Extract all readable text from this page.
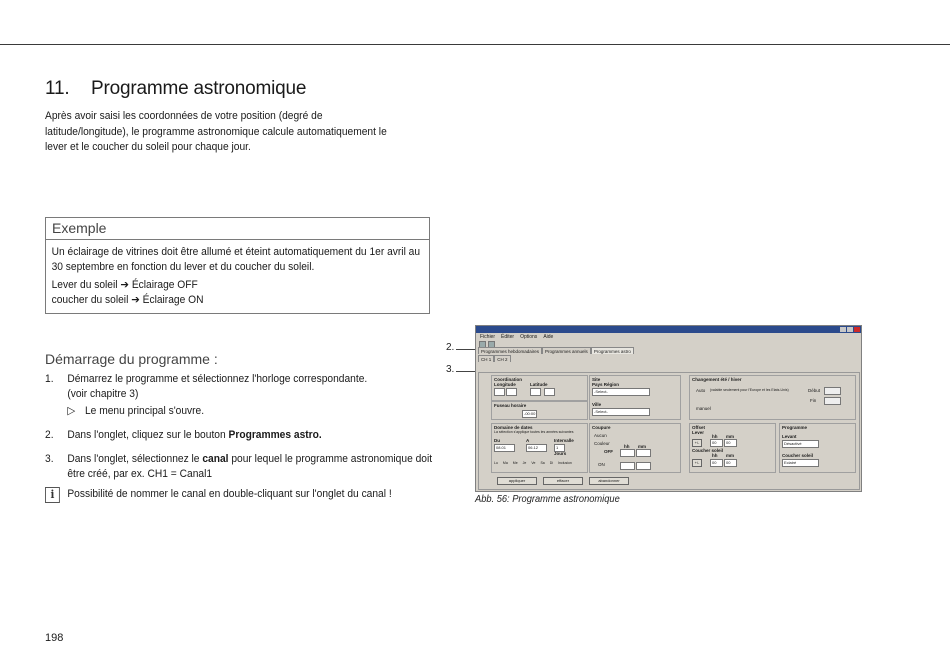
11. Programme astronomique
Après avoir saisi les coordonnées de votre position (degré de latitude/longitude), le programme astronomique calcule automatiquement le lever et le coucher du soleil pour chaque jour.
Exemple

Un éclairage de vitrines doit être allumé et éteint automatiquement du 1er avril au 30 septembre en fonction du lever et du coucher du soleil.

Lever du soleil ➔ Éclairage OFF

coucher du soleil ➔ Éclairage ON

Démarrage du programme :
1. Démarrez le programme et sélectionnez l'horloge correspondante.
(voir chapitre 3)
▷ Le menu principal s'ouvre.
2. Dans l'onglet, cliquez sur le bouton Programmes astro.
3. Dans l'onglet, sélectionnez le canal pour lequel le programme astronomique doit être créé, par ex. CH1 = Canal1
i	Possibilité de nommer le canal en double-cliquant sur l'onglet du canal !
2.
3.
Fichier Éditer Options Aide
Programmes hebdomadaires	Programmes annuels	Programmes astro
CH 1	CH 2
Coordination
Longitude	Latitude
Fuseau horaire
-00:00
Site
Pays Région
-Select-
Ville
-Select-
Changement été / hiver
Auto (valable seulement pour l'Europe et les Etats-Unis)	Début
Fin
manuel
Domaine de dates
La sélection s'applique toutes les années suivantes
Du	A	Intervalle
08.01	06.12	1
Jours
Lu Ma Me Je Ve Sa Di Inclusion
Coupure
Aucun
Couleur
hh mm
OFF
ON
Offset
Lever
hh mm
+/-	00	00
Coucher soleil
hh mm
+/-	00	00
Programme
Levant
Désactivé
Coucher soleil
Eclairé
appliquer	effacer	abandonner
Abb. 56: Programme astronomique
198
